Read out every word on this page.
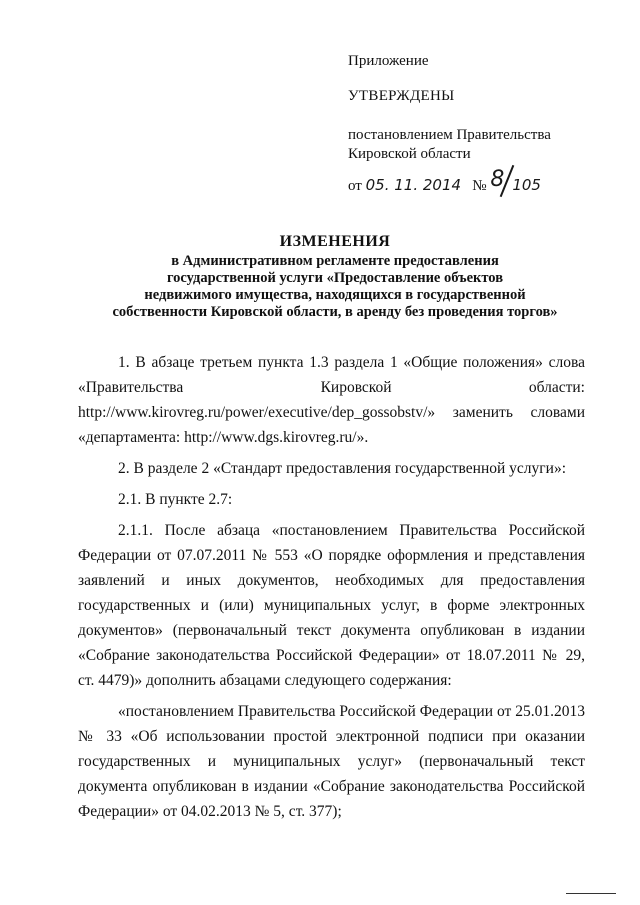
Приложение

УТВЕРЖДЕНЫ

постановлением Правительства

Кировской области

от 05. 11. 2014 № 8 105

ИЗМЕНЕНИЯ

в Административном регламенте предоставления

государственной услуги «Предоставление объектов

недвижимого имущества, находящихся в государственной

собственности Кировской области, в аренду без проведения торгов»

1. В абзаце третьем пункта 1.3 раздела 1 «Общие положения» слова «Правительства Кировской области: http://www.kirovreg.ru/power/executive/dep_gossobstv/» заменить словами «департамента: http://www.dgs.kirovreg.ru/».

2. В разделе 2 «Стандарт предоставления государственной услуги»:

2.1. В пункте 2.7:

2.1.1. После абзаца «постановлением Правительства Российской Федерации от 07.07.2011 № 553 «О порядке оформления и представления заявлений и иных документов, необходимых для предоставления государственных и (или) муниципальных услуг, в форме электронных документов» (первоначальный текст документа опубликован в издании «Собрание законодательства Российской Федерации» от 18.07.2011 № 29, ст. 4479)» дополнить абзацами следующего содержания:

«постановлением Правительства Российской Федерации от 25.01.2013 № 33 «Об использовании простой электронной подписи при оказании государственных и муниципальных услуг» (первоначальный текст документа опубликован в издании «Собрание законодательства Российской Федерации» от 04.02.2013 № 5, ст. 377);
